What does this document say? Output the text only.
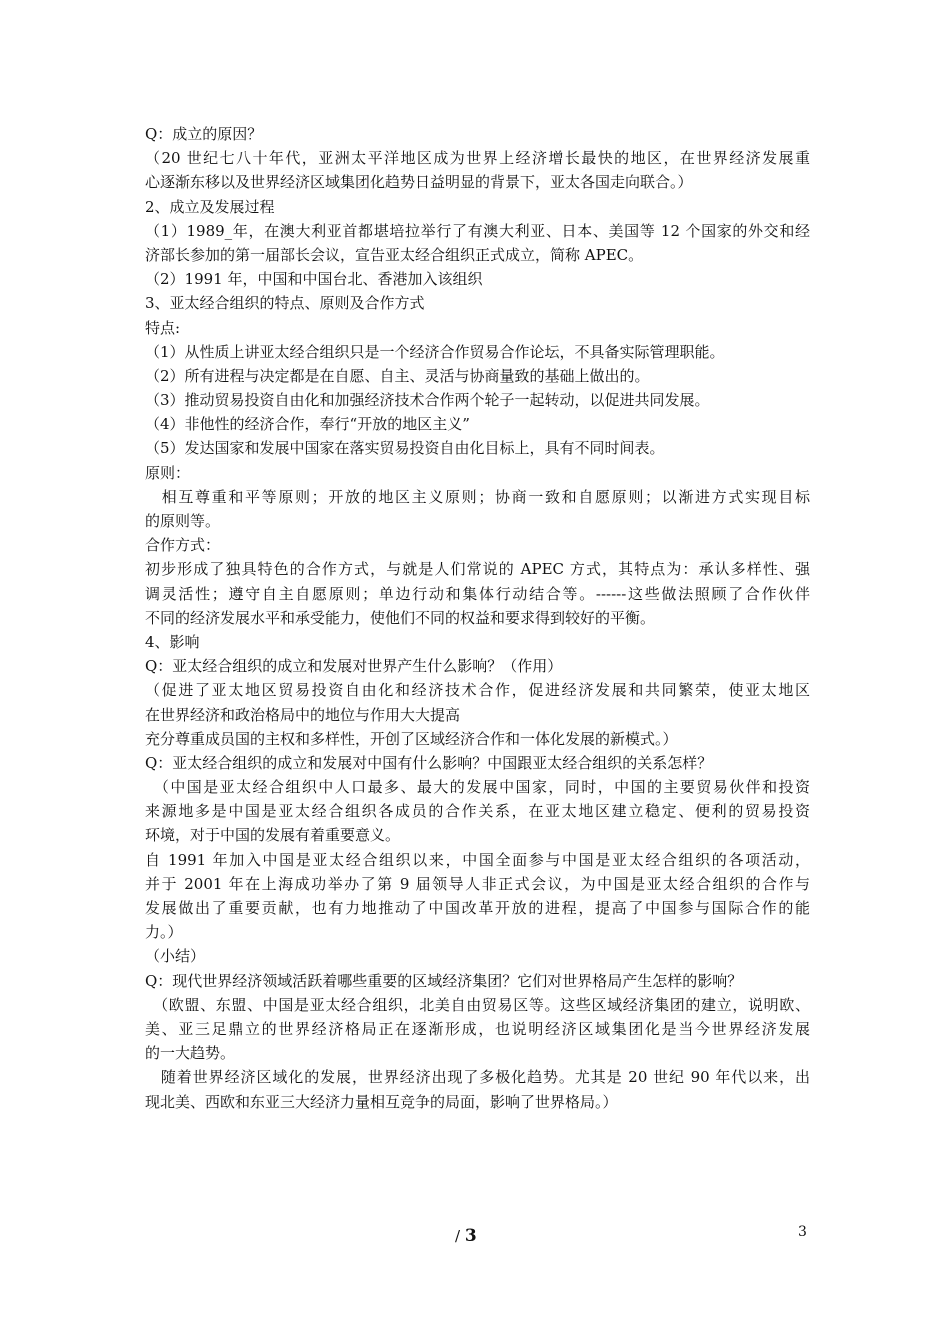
Q：成立的原因？
（20 世纪七八十年代，亚洲太平洋地区成为世界上经济增长最快的地区，在世界经济发展重
心逐渐东移以及世界经济区域集团化趋势日益明显的背景下，亚太各国走向联合。）
2、成立及发展过程
（1）1989_年，在澳大利亚首都堪培拉举行了有澳大利亚、日本、美国等 12 个国家的外交和经
济部长参加的第一届部长会议，宣告亚太经合组织正式成立，简称 APEC。
（2）1991 年，中国和中国台北、香港加入该组织
3、亚太经合组织的特点、原则及合作方式
特点:
（1）从性质上讲亚太经合组织只是一个经济合作贸易合作论坛，不具备实际管理职能。
（2）所有进程与决定都是在自愿、自主、灵活与协商量致的基础上做出的。
（3）推动贸易投资自由化和加强经济技术合作两个轮子一起转动，以促进共同发展。
（4）非他性的经济合作，奉行“开放的地区主义”
（5）发达国家和发展中国家在落实贸易投资自由化目标上，具有不同时间表。
原则：
　相互尊重和平等原则；开放的地区主义原则；协商一致和自愿原则；以渐进方式实现目标
的原则等。
合作方式：
初步形成了独具特色的合作方式，与就是人们常说的 APEC 方式，其特点为：承认多样性、强
调灵活性；遵守自主自愿原则；单边行动和集体行动结合等。------这些做法照顾了合作伙伴
不同的经济发展水平和承受能力，使他们不同的权益和要求得到较好的平衡。
4、影响
Q：亚太经合组织的成立和发展对世界产生什么影响？（作用）
（促进了亚太地区贸易投资自由化和经济技术合作，促进经济发展和共同繁荣，使亚太地区
在世界经济和政治格局中的地位与作用大大提高
充分尊重成员国的主权和多样性，开创了区域经济合作和一体化发展的新模式。）
Q：亚太经合组织的成立和发展对中国有什么影响？中国跟亚太经合组织的关系怎样？
　（中国是亚太经合组织中人口最多、最大的发展中国家，同时，中国的主要贸易伙伴和投资
来源地多是中国是亚太经合组织各成员的合作关系，在亚太地区建立稳定、便利的贸易投资
环境，对于中国的发展有着重要意义。
自 1991 年加入中国是亚太经合组织以来，中国全面参与中国是亚太经合组织的各项活动，
并于 2001 年在上海成功举办了第 9 届领导人非正式会议，为中国是亚太经合组织的合作与
发展做出了重要贡献，也有力地推动了中国改革开放的进程，提高了中国参与国际合作的能
力。）
（小结）
Q：现代世界经济领域活跃着哪些重要的区域经济集团？它们对世界格局产生怎样的影响？
　（欧盟、东盟、中国是亚太经合组织，北美自由贸易区等。这些区域经济集团的建立，说明欧、
美、亚三足鼎立的世界经济格局正在逐渐形成，也说明经济区域集团化是当今世界经济发展
的一大趋势。
　随着世界经济区域化的发展，世界经济出现了多极化趋势。尤其是 20 世纪 90 年代以来，出
现北美、西欧和东亚三大经济力量相互竞争的局面，影响了世界格局。）
/ 3	3
